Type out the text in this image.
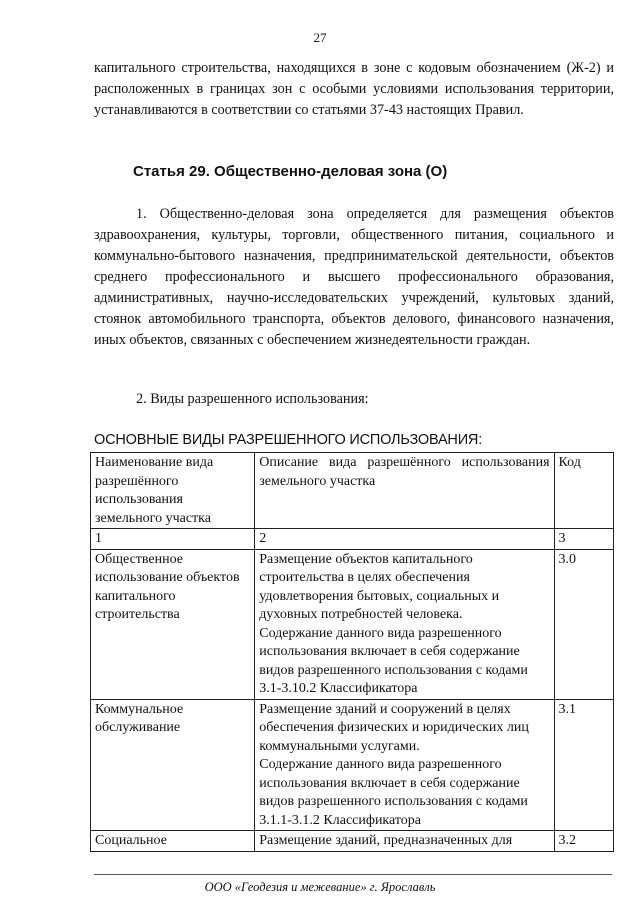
27
капитального строительства, находящихся в зоне с кодовым обозначением (Ж-2) и расположенных в границах зон с особыми условиями использования территории, устанавливаются в соответствии со статьями 37-43 настоящих Правил.
Статья 29. Общественно-деловая зона (О)
1. Общественно-деловая зона определяется для размещения объектов здравоохранения, культуры, торговли, общественного питания, социального и коммунально-бытового назначения, предпринимательской деятельности, объектов среднего профессионального и высшего профессионального образования, административных, научно-исследовательских учреждений, культовых зданий, стоянок автомобильного транспорта, объектов делового, финансового назначения, иных объектов, связанных с обеспечением жизнедеятельности граждан.
2. Виды разрешенного использования:
ОСНОВНЫЕ ВИДЫ РАЗРЕШЕННОГО ИСПОЛЬЗОВАНИЯ:
Наименование вида разрешённого использования земельного участка	Описание вида разрешённого использования земельного участка	Код
1	2	3
Общественное использование объектов капитального строительства	Размещение объектов капитального строительства в целях обеспечения удовлетворения бытовых, социальных и духовных потребностей человека.
Содержание данного вида разрешенного использования включает в себя содержание видов разрешенного использования с кодами 3.1-3.10.2 Классификатора	3.0
Коммунальное обслуживание	Размещение зданий и сооружений в целях обеспечения физических и юридических лиц коммунальными услугами.
Содержание данного вида разрешенного использования включает в себя содержание видов разрешенного использования с кодами 3.1.1-3.1.2 Классификатора	3.1
Социальное	Размещение зданий, предназначенных для	3.2
ООО «Геодезия и межевание» г. Ярославль
